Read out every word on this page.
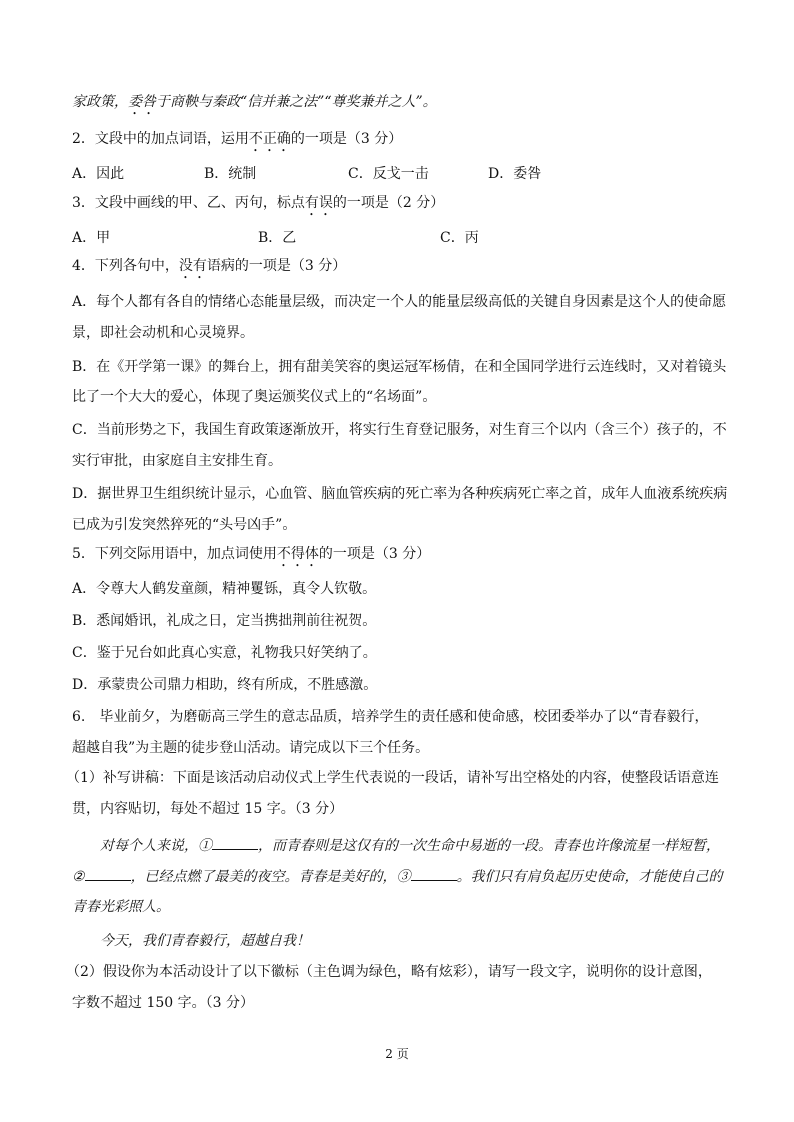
家政策，委咎于商鞅与秦政“信并兼之法”“尊奖兼并之人”。
2．文段中的加点词语，运用不正确的一项是（3 分）
A．因此	B．统制	C．反戈一击	D．委咎
3．文段中画线的甲、乙、丙句，标点有误的一项是（2 分）
A．甲	B．乙	C．丙
4．下列各句中，没有语病的一项是（3 分）
A．每个人都有各自的情绪心态能量层级，而决定一个人的能量层级高低的关键自身因素是这个人的使命愿
景，即社会动机和心灵境界。
B．在《开学第一课》的舞台上，拥有甜美笑容的奥运冠军杨倩，在和全国同学进行云连线时，又对着镜头
比了一个大大的爱心，体现了奥运颁奖仪式上的“名场面”。
C．当前形势之下，我国生育政策逐渐放开，将实行生育登记服务，对生育三个以内（含三个）孩子的，不
实行审批，由家庭自主安排生育。
D．据世界卫生组织统计显示，心血管、脑血管疾病的死亡率为各种疾病死亡率之首，成年人血液系统疾病
已成为引发突然猝死的“头号凶手”。
5．下列交际用语中，加点词使用不得体的一项是（3 分）
A．令尊大人鹤发童颜，精神矍铄，真令人钦敬。
B．悉闻婚讯，礼成之日，定当携拙荆前往祝贺。
C．鉴于兄台如此真心实意，礼物我只好笑纳了。
D．承蒙贵公司鼎力相助，终有所成，不胜感激。
6.　毕业前夕，为磨砺高三学生的意志品质，培养学生的责任感和使命感，校团委举办了以“青春毅行，
超越自我”为主题的徒步登山活动。请完成以下三个任务。
（1）补写讲稿：下面是该活动启动仪式上学生代表说的一段话，请补写出空格处的内容，使整段话语意连
贯，内容贴切，每处不超过 15 字。（3 分）
对每个人来说，①	，而青春则是这仅有的一次生命中易逝的一段。青春也许像流星一样短暂，
②	，已经点燃了最美的夜空。青春是美好的，③	。我们只有肩负起历史使命，才能使自己的
青春光彩照人。
今天，我们青春毅行，超越自我！
（2）假设你为本活动设计了以下徽标（主色调为绿色，略有炫彩），请写一段文字，说明你的设计意图，
字数不超过 150 字。（3 分）
2 页
